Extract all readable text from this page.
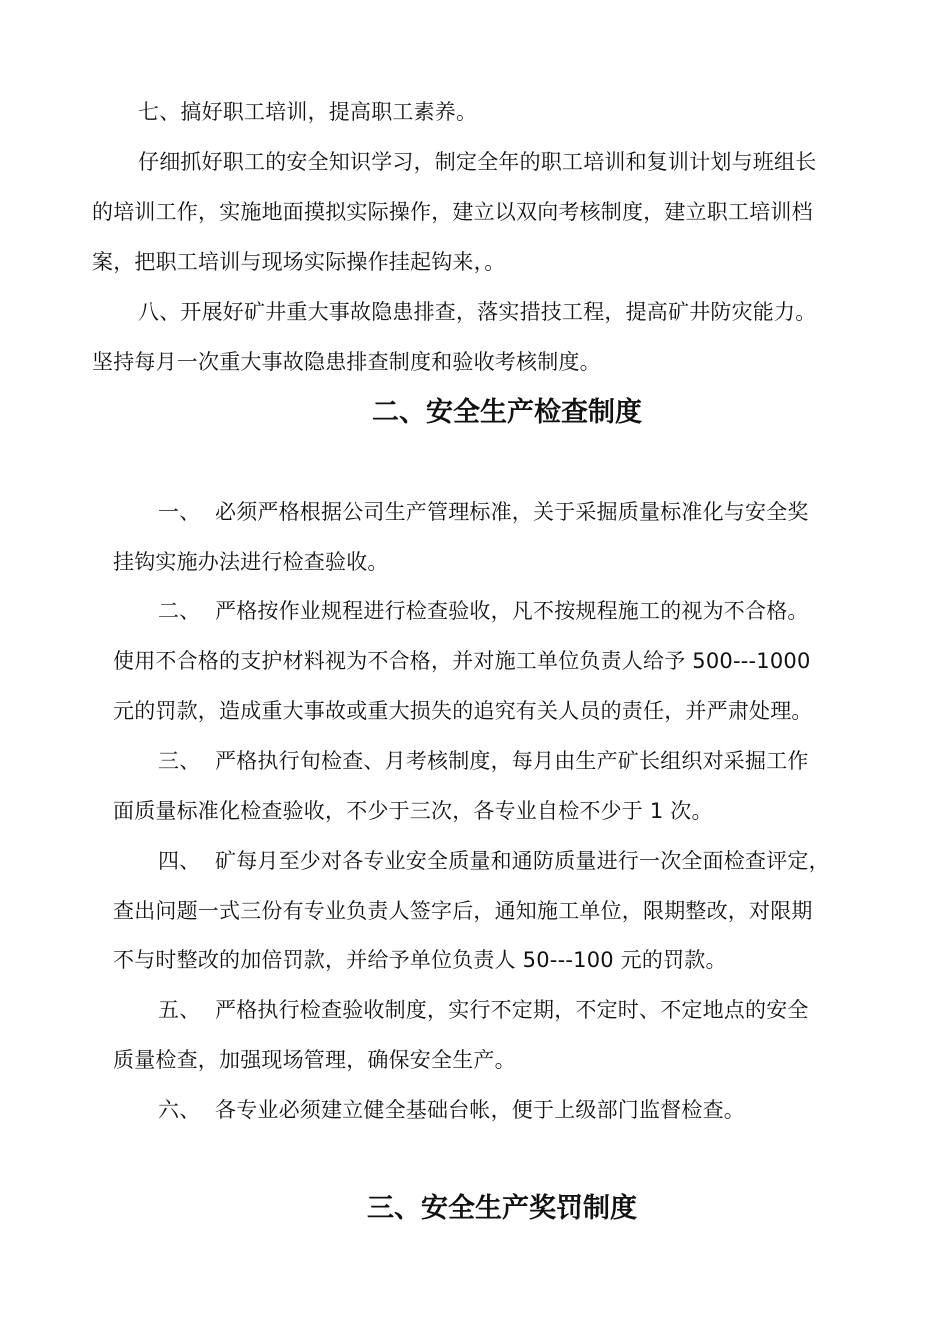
七、搞好职工培训，提高职工素养。
仔细抓好职工的安全知识学习，制定全年的职工培训和复训计划与班组长
的培训工作，实施地面摸拟实际操作，建立以双向考核制度，建立职工培训档
案，把职工培训与现场实际操作挂起钩来，。
八、开展好矿井重大事故隐患排查，落实措技工程，提高矿井防灾能力。
坚持每月一次重大事故隐患排查制度和验收考核制度。
二、安全生产检查制度
一、 必须严格根据公司生产管理标准，关于采掘质量标准化与安全奖
挂钩实施办法进行检查验收。
二、 严格按作业规程进行检查验收，凡不按规程施工的视为不合格。
使用不合格的支护材料视为不合格，并对施工单位负责人给予 500---1000
元的罚款，造成重大事故或重大损失的追究有关人员的责任，并严肃处理。
三、 严格执行旬检查、月考核制度，每月由生产矿长组织对采掘工作
面质量标准化检查验收，不少于三次，各专业自检不少于 1 次。
四、 矿每月至少对各专业安全质量和通防质量进行一次全面检查评定，
查出问题一式三份有专业负责人签字后，通知施工单位，限期整改，对限期
不与时整改的加倍罚款，并给予单位负责人 50---100 元的罚款。
五、 严格执行检查验收制度，实行不定期，不定时、不定地点的安全
质量检查，加强现场管理，确保安全生产。
六、 各专业必须建立健全基础台帐，便于上级部门监督检查。
三、安全生产奖罚制度
